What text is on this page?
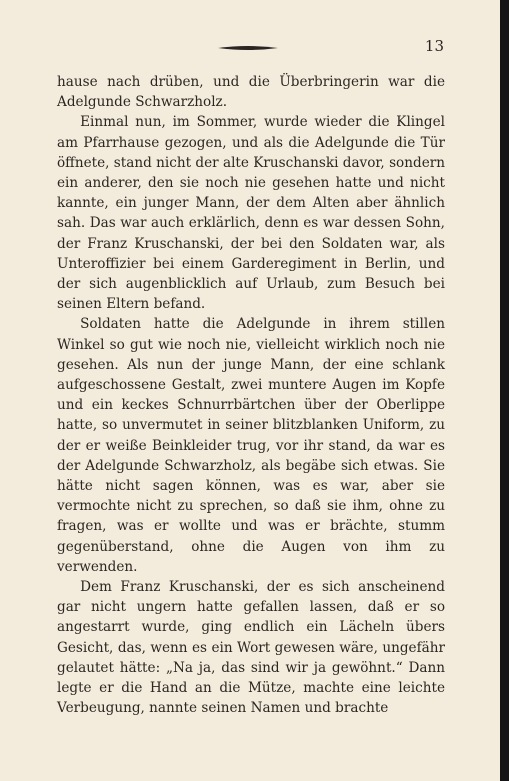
13

hause nach drüben, und die Überbringerin war die Adelgunde Schwarzholz.

Einmal nun, im Sommer, wurde wieder die Klingel am Pfarrhause gezogen, und als die Adelgunde die Tür öffnete, stand nicht der alte Kruschanski davor, sondern ein anderer, den sie noch nie gesehen hatte und nicht kannte, ein junger Mann, der dem Alten aber ähnlich sah. Das war auch erklärlich, denn es war dessen Sohn, der Franz Kruschanski, der bei den Soldaten war, als Unteroffizier bei einem Garderegiment in Berlin, und der sich augenblicklich auf Urlaub, zum Besuch bei seinen Eltern befand.

Soldaten hatte die Adelgunde in ihrem stillen Winkel so gut wie noch nie, vielleicht wirklich noch nie gesehen. Als nun der junge Mann, der eine schlank aufgeschossene Gestalt, zwei muntere Augen im Kopfe und ein keckes Schnurrbärtchen über der Oberlippe hatte, so unvermutet in seiner blitzblanken Uniform, zu der er weiße Beinkleider trug, vor ihr stand, da war es der Adelgunde Schwarzholz, als begäbe sich etwas. Sie hätte nicht sagen können, was es war, aber sie vermochte nicht zu sprechen, so daß sie ihm, ohne zu fragen, was er wollte und was er brächte, stumm gegenüberstand, ohne die Augen von ihm zu verwenden.

Dem Franz Kruschanski, der es sich anscheinend gar nicht ungern hatte gefallen lassen, daß er so angestarrt wurde, ging endlich ein Lächeln übers Gesicht, das, wenn es ein Wort gewesen wäre, ungefähr gelautet hätte: „Na ja, das sind wir ja gewöhnt.“ Dann legte er die Hand an die Mütze, machte eine leichte Verbeugung, nannte seinen Namen und brachte
